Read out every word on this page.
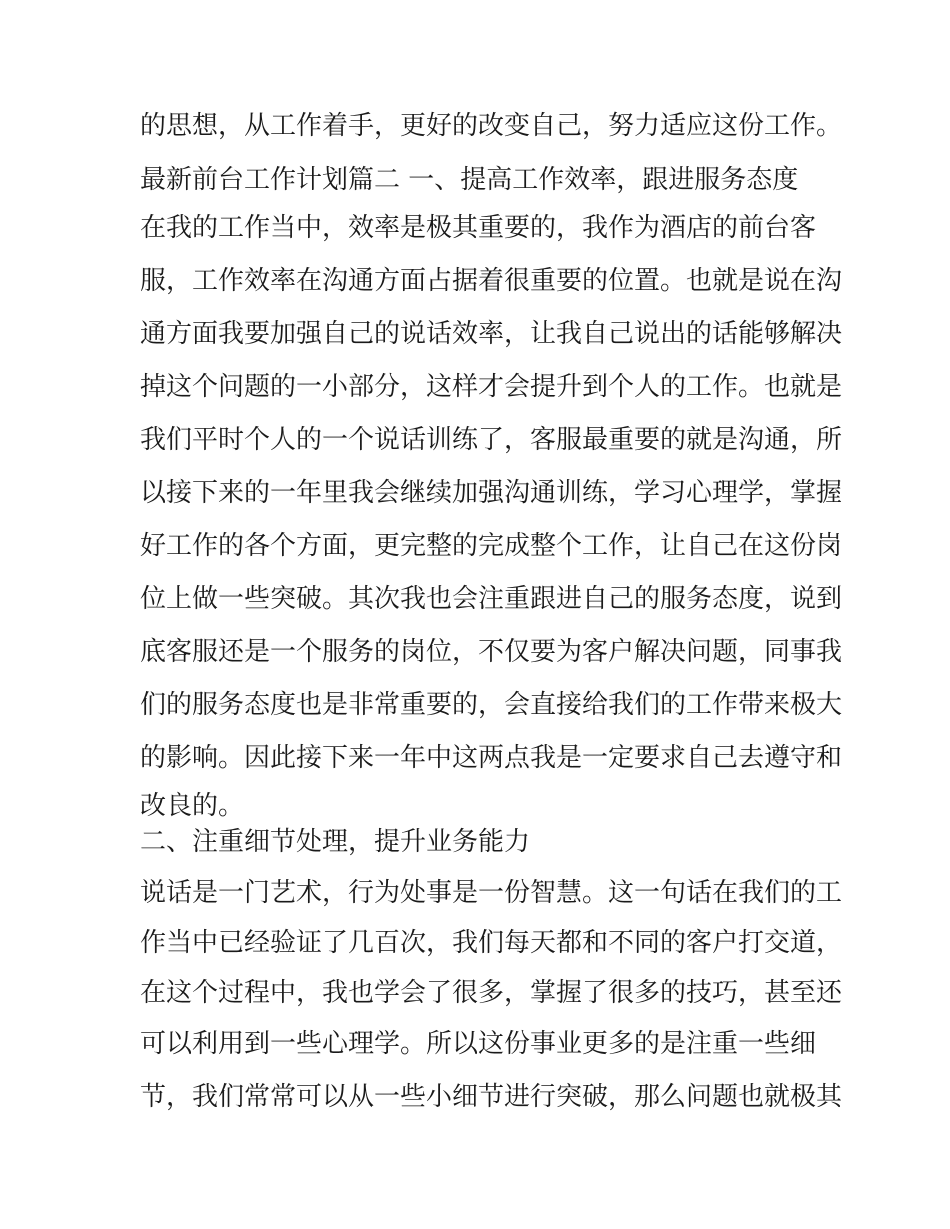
的思想，从工作着手，更好的改变自己，努力适应这份工作。
最新前台工作计划篇二 一、提高工作效率，跟进服务态度
在我的工作当中，效率是极其重要的，我作为酒店的前台客
服，工作效率在沟通方面占据着很重要的位置。也就是说在沟
通方面我要加强自己的说话效率，让我自己说出的话能够解决
掉这个问题的一小部分，这样才会提升到个人的工作。也就是
我们平时个人的一个说话训练了，客服最重要的就是沟通，所
以接下来的一年里我会继续加强沟通训练，学习心理学，掌握
好工作的各个方面，更完整的完成整个工作，让自己在这份岗
位上做一些突破。其次我也会注重跟进自己的服务态度，说到
底客服还是一个服务的岗位，不仅要为客户解决问题，同事我
们的服务态度也是非常重要的，会直接给我们的工作带来极大
的影响。因此接下来一年中这两点我是一定要求自己去遵守和
改良的。
二、注重细节处理，提升业务能力
说话是一门艺术，行为处事是一份智慧。这一句话在我们的工
作当中已经验证了几百次，我们每天都和不同的客户打交道，
在这个过程中，我也学会了很多，掌握了很多的技巧，甚至还
可以利用到一些心理学。所以这份事业更多的是注重一些细
节，我们常常可以从一些小细节进行突破，那么问题也就极其
